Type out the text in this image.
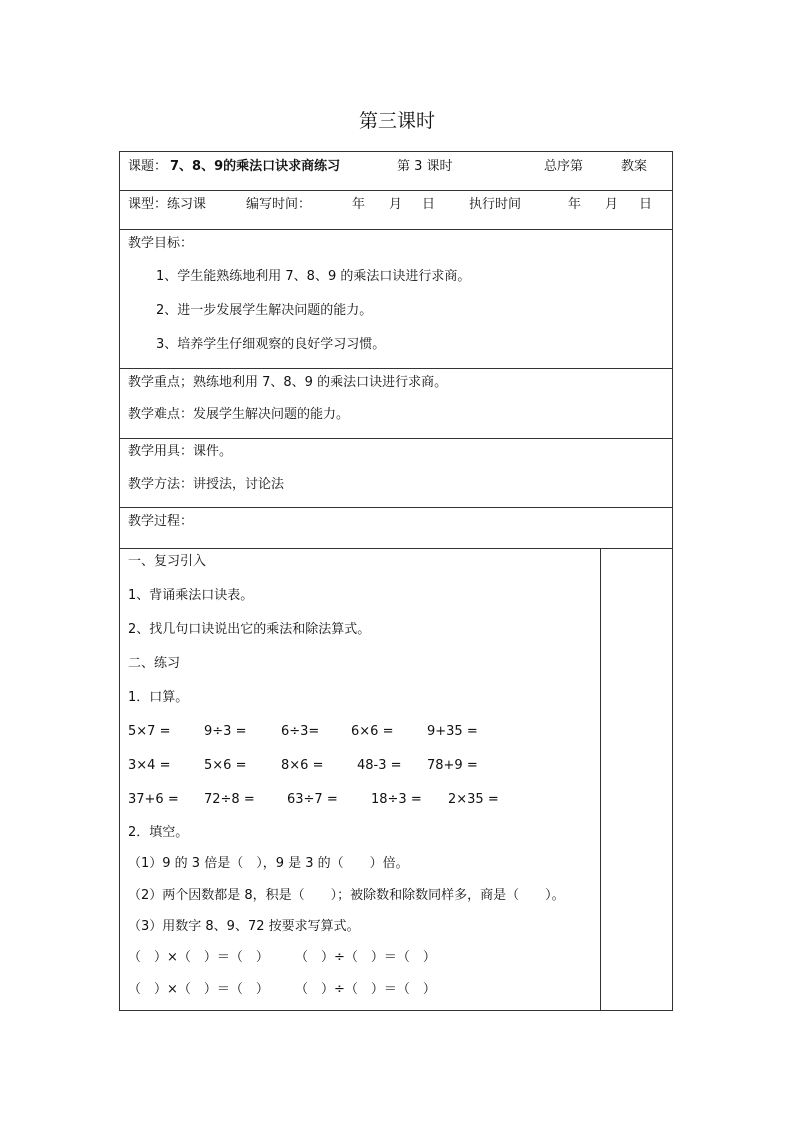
第三课时
课题： 7、8、9的乘法口诀求商练习	第 3 课时	总序第	教案
课型：练习课	编写时间：	年 月 日	执行时间	年 月 日
教学目标：
1、学生能熟练地利用 7、8、9 的乘法口诀进行求商。
2、进一步发展学生解决问题的能力。
3、培养学生仔细观察的良好学习习惯。
教学重点；熟练地利用 7、8、9 的乘法口诀进行求商。
教学难点：发展学生解决问题的能力。
教学用具：课件。
教学方法：讲授法，讨论法
教学过程：
一、复习引入
1、背诵乘法口诀表。
2、找几句口诀说出它的乘法和除法算式。
二、练习
1．口算。
5×7 =	9÷3 =	6÷3= 6×6 =	9+35 =
3×4 =	5×6 =	8×6 =	48-3 = 78+9 =
37+6 = 72÷8 = 63÷7 =	18÷3 = 2×35 =
2．填空。
（1）9 的 3 倍是（　），9 是 3 的（　　）倍。
（2）两个因数都是 8，积是（　　）；被除数和除数同样多，商是（　　）。
（3）用数字 8、9、72 按要求写算式。
（　）×（　）＝（　） （　）÷（　）＝（　）
（　）×（　）＝（　） （　）÷（　）＝（　）
